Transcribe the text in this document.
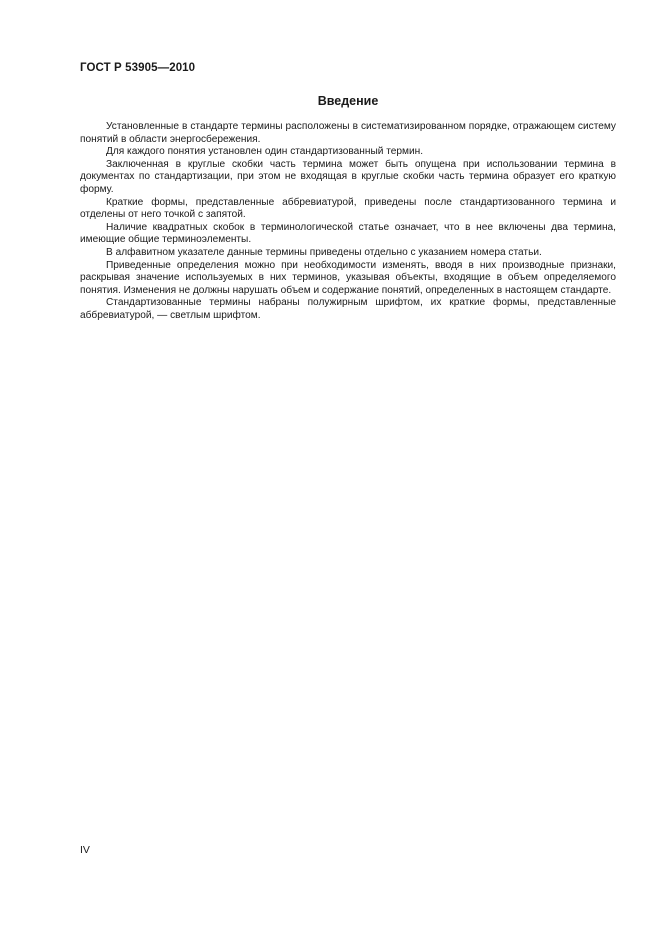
ГОСТ Р 53905—2010
Введение

Установленные в стандарте термины расположены в систематизированном порядке, отражающем систему понятий в области энергосбережения.

Для каждого понятия установлен один стандартизованный термин.

Заключенная в круглые скобки часть термина может быть опущена при использовании термина в документах по стандартизации, при этом не входящая в круглые скобки часть термина образует его краткую форму.

Краткие формы, представленные аббревиатурой, приведены после стандартизованного термина и отделены от него точкой с запятой.

Наличие квадратных скобок в терминологической статье означает, что в нее включены два термина, имеющие общие терминоэлементы.

В алфавитном указателе данные термины приведены отдельно с указанием номера статьи.

Приведенные определения можно при необходимости изменять, вводя в них производные признаки, раскрывая значение используемых в них терминов, указывая объекты, входящие в объем определяемого понятия. Изменения не должны нарушать объем и содержание понятий, определенных в настоящем стандарте.

Стандартизованные термины набраны полужирным шрифтом, их краткие формы, представленные аббревиатурой, — светлым шрифтом.

IV
